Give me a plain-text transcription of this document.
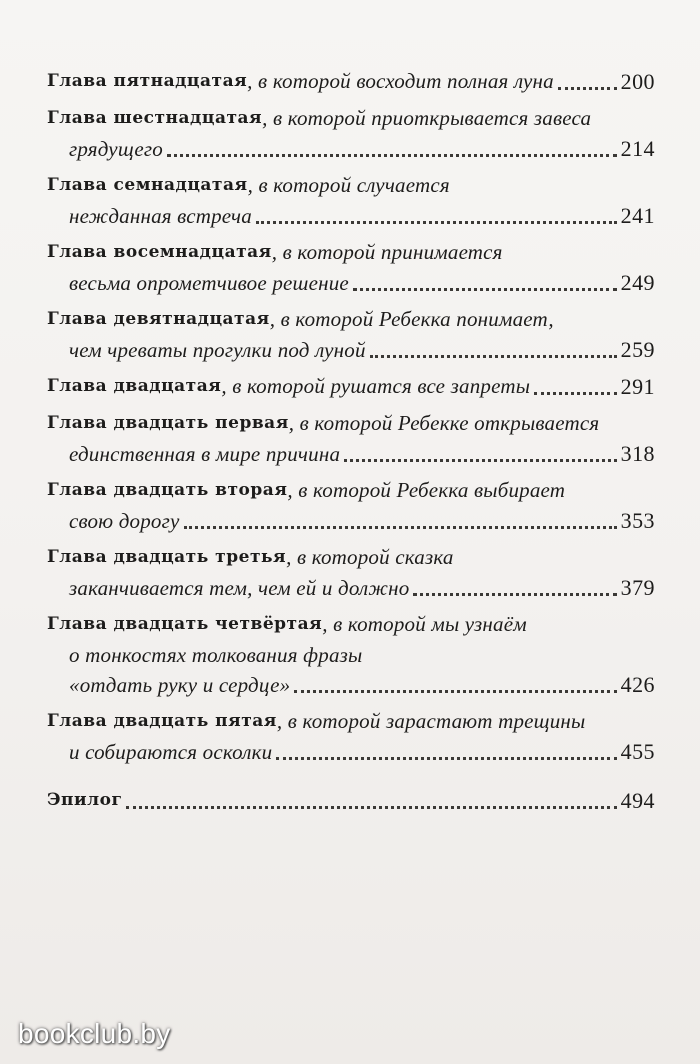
Глава пятнадцатая , в которой восходит полная луна	200
Глава шестнадцатая , в которой приоткрывается завеса
грядущего	214
Глава семнадцатая , в которой случается
нежданная встреча	241
Глава восемнадцатая , в которой принимается
весьма опрометчивое решение	249
Глава девятнадцатая , в которой Ребекка понимает,
чем чреваты прогулки под луной	259
Глава двадцатая , в которой рушатся все запреты	291
Глава двадцать первая , в которой Ребекке открывается
единственная в мире причина	318
Глава двадцать вторая , в которой Ребекка выбирает
свою дорогу	353
Глава двадцать третья , в которой сказка
заканчивается тем, чем ей и должно	379
Глава двадцать четвёртая , в которой мы узнаём
о тонкостях толкования фразы
«отдать руку и сердце»	426
Глава двадцать пятая , в которой зарастают трещины
и собираются осколки	455
Эпилог	494
bookclub.by
